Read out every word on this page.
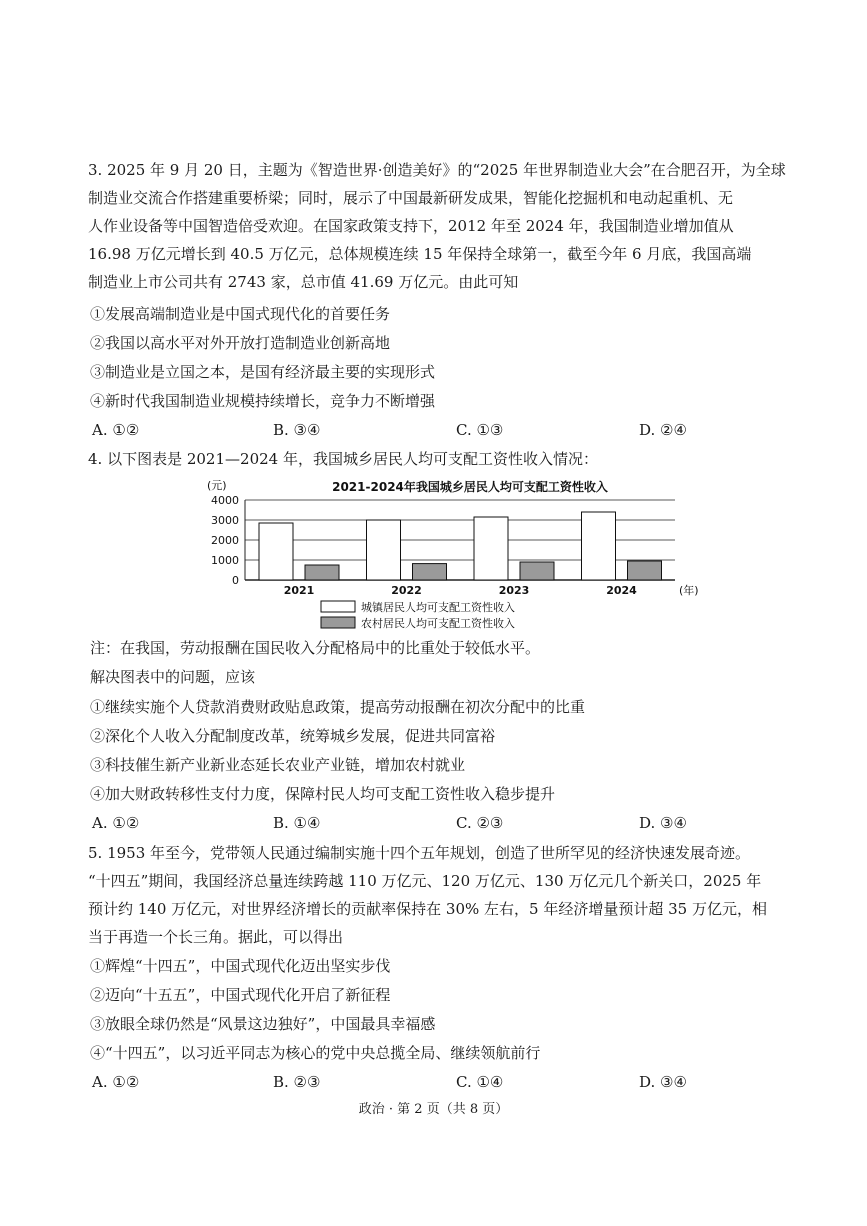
3. 2025 年 9 月 20 日，主题为《智造世界·创造美好》的“2025 年世界制造业大会”在合肥召开，为全球
制造业交流合作搭建重要桥梁；同时，展示了中国最新研发成果，智能化挖掘机和电动起重机、无
人作业设备等中国智造倍受欢迎。在国家政策支持下，2012 年至 2024 年，我国制造业增加值从
16.98 万亿元增长到 40.5 万亿元，总体规模连续 15 年保持全球第一，截至今年 6 月底，我国高端
制造业上市公司共有 2743 家，总市值 41.69 万亿元。由此可知
①发展高端制造业是中国式现代化的首要任务
②我国以高水平对外开放打造制造业创新高地
③制造业是立国之本，是国有经济最主要的实现形式
④新时代我国制造业规模持续增长，竞争力不断增强
A. ①②	B. ③④	C. ①③	D. ②④
4. 以下图表是 2021—2024 年，我国城乡居民人均可支配工资性收入情况：
2021-2024年我国城乡居民人均可支配工资性收入
(元)
0
1000
2000
3000
4000
2021	2022	2023	2024	(年)
城镇居民人均可支配工资性收入
农村居民人均可支配工资性收入
注：在我国，劳动报酬在国民收入分配格局中的比重处于较低水平。
解决图表中的问题，应该
①继续实施个人贷款消费财政贴息政策，提高劳动报酬在初次分配中的比重
②深化个人收入分配制度改革，统筹城乡发展，促进共同富裕
③科技催生新产业新业态延长农业产业链，增加农村就业
④加大财政转移性支付力度，保障村民人均可支配工资性收入稳步提升
A. ①②	B. ①④	C. ②③	D. ③④
5. 1953 年至今，党带领人民通过编制实施十四个五年规划，创造了世所罕见的经济快速发展奇迹。
“十四五”期间，我国经济总量连续跨越 110 万亿元、120 万亿元、130 万亿元几个新关口，2025 年
预计约 140 万亿元，对世界经济增长的贡献率保持在 30% 左右，5 年经济增量预计超 35 万亿元，相
当于再造一个长三角。据此，可以得出
①辉煌“十四五”，中国式现代化迈出坚实步伐
②迈向“十五五”，中国式现代化开启了新征程
③放眼全球仍然是“风景这边独好”，中国最具幸福感
④“十四五”，以习近平同志为核心的党中央总揽全局、继续领航前行
A. ①②	B. ②③	C. ①④	D. ③④
政治 · 第 2 页（共 8 页）
